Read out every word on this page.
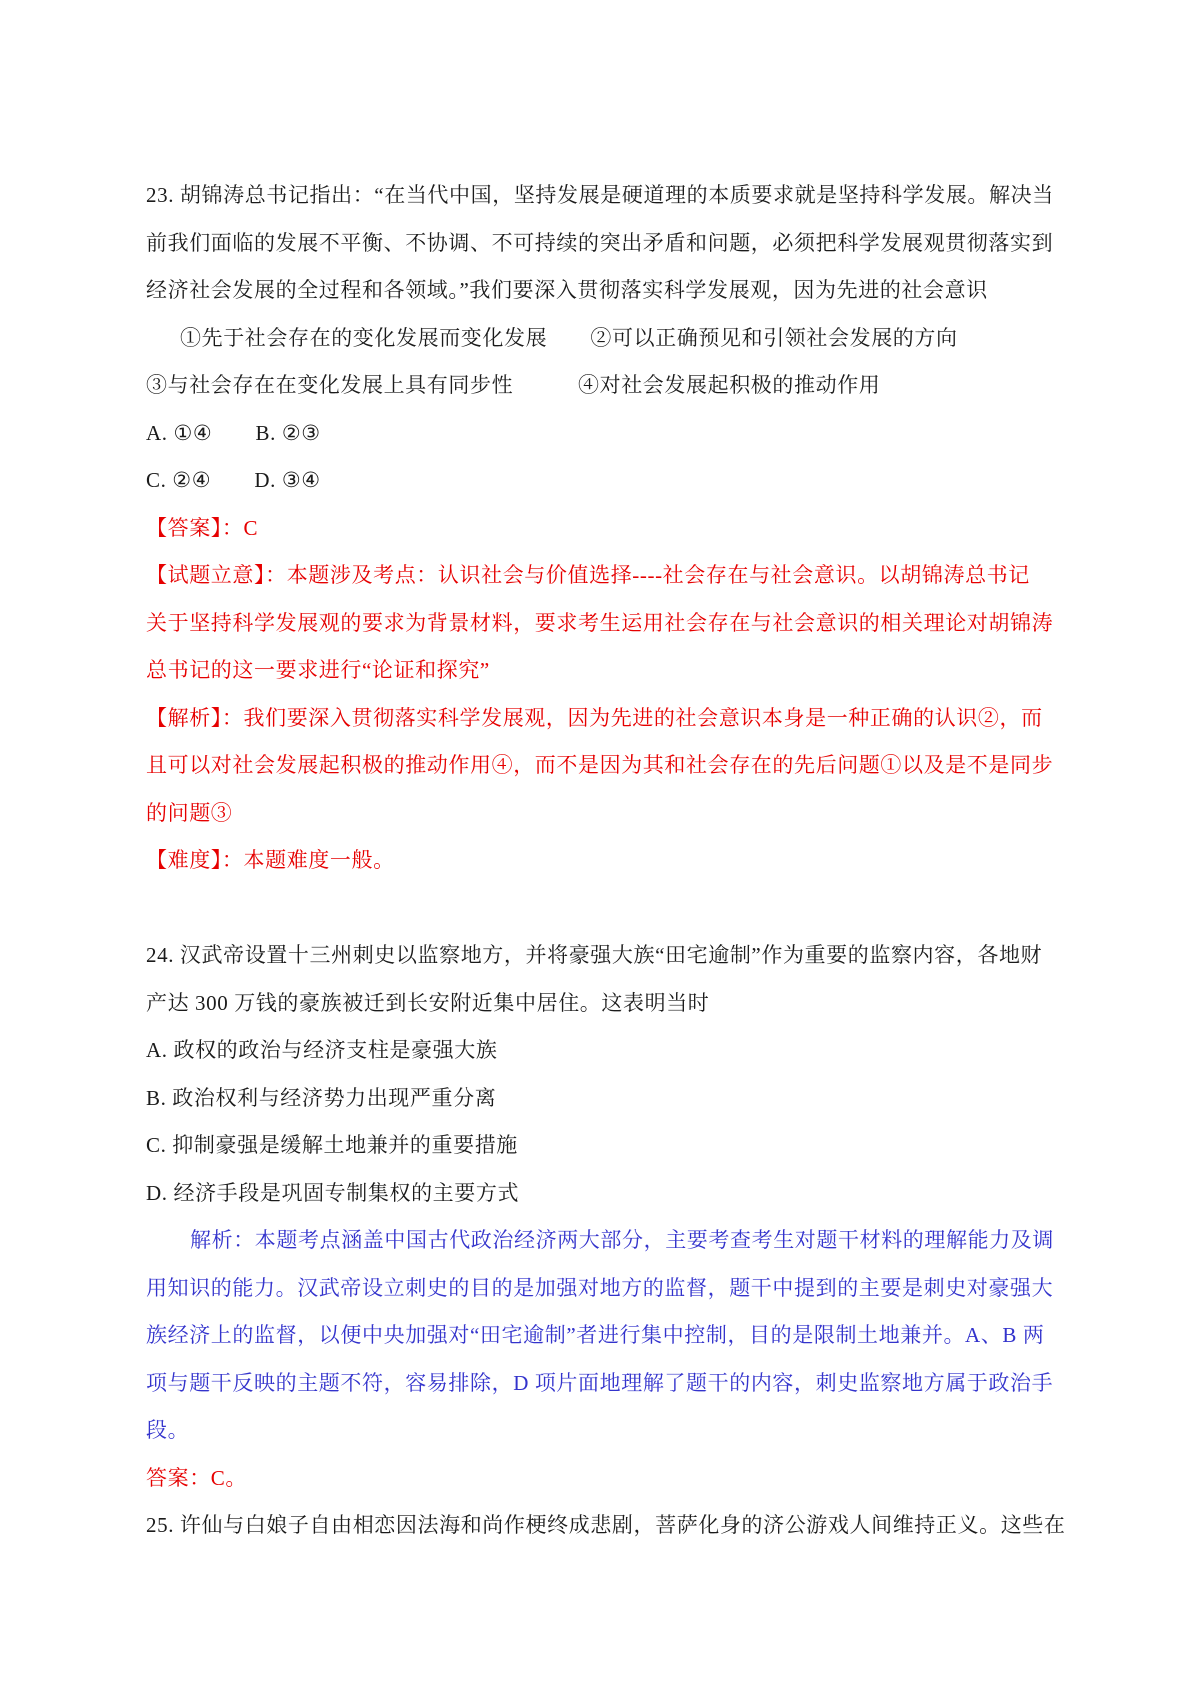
23. 胡锦涛总书记指出：“在当代中国，坚持发展是硬道理的本质要求就是坚持科学发展。解决当
前我们面临的发展不平衡、不协调、不可持续的突出矛盾和问题，必须把科学发展观贯彻落实到
经济社会发展的全过程和各领域。”我们要深入贯彻落实科学发展观，因为先进的社会意识
①先于社会存在的变化发展而变化发展　　②可以正确预见和引领社会发展的方向
③与社会存在在变化发展上具有同步性　　　④对社会发展起积极的推动作用
A. ①④　　B. ②③
C. ②④　　D. ③④
【答案】：C
【试题立意】：本题涉及考点：认识社会与价值选择----社会存在与社会意识。以胡锦涛总书记
关于坚持科学发展观的要求为背景材料，要求考生运用社会存在与社会意识的相关理论对胡锦涛
总书记的这一要求进行“论证和探究”
【解析】：我们要深入贯彻落实科学发展观，因为先进的社会意识本身是一种正确的认识②，而
且可以对社会发展起积极的推动作用④，而不是因为其和社会存在的先后问题①以及是不是同步
的问题③
【难度】：本题难度一般。
24. 汉武帝设置十三州刺史以监察地方，并将豪强大族“田宅逾制”作为重要的监察内容，各地财
产达 300 万钱的豪族被迁到长安附近集中居住。这表明当时
A. 政权的政治与经济支柱是豪强大族
B. 政治权利与经济势力出现严重分离
C. 抑制豪强是缓解土地兼并的重要措施
D. 经济手段是巩固专制集权的主要方式
解析：本题考点涵盖中国古代政治经济两大部分，主要考查考生对题干材料的理解能力及调
用知识的能力。汉武帝设立刺史的目的是加强对地方的监督，题干中提到的主要是刺史对豪强大
族经济上的监督，以便中央加强对“田宅逾制”者进行集中控制，目的是限制土地兼并。A、B 两
项与题干反映的主题不符，容易排除，D 项片面地理解了题干的内容，刺史监察地方属于政治手
段。
答案：C。
25. 许仙与白娘子自由相恋因法海和尚作梗终成悲剧，菩萨化身的济公游戏人间维持正义。这些在
